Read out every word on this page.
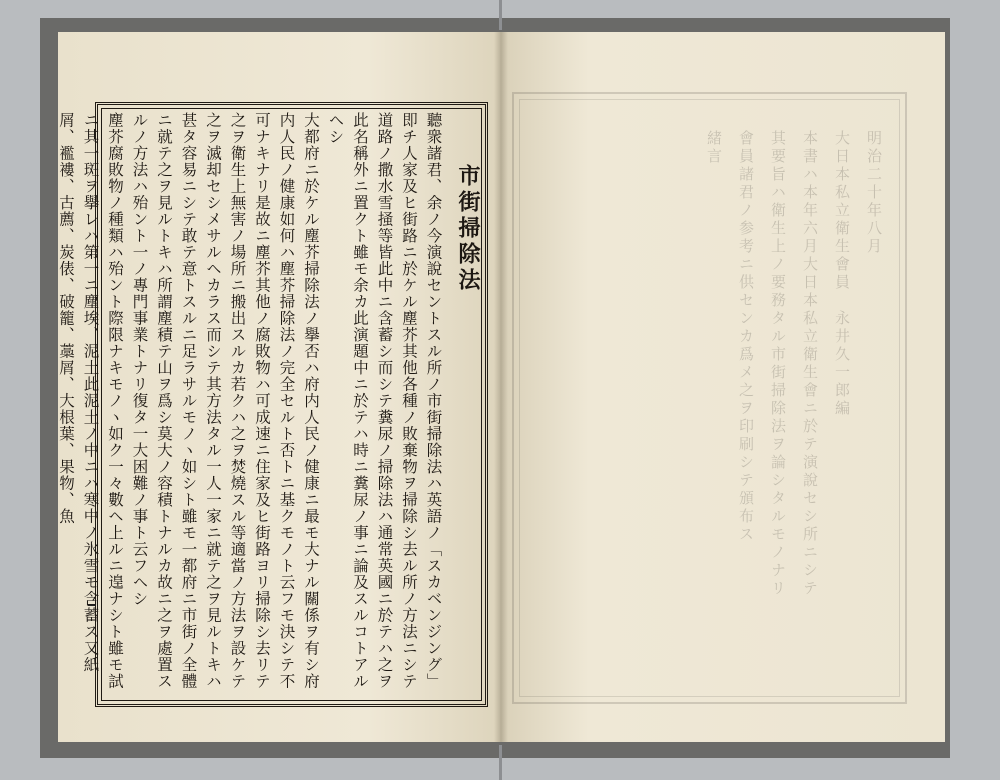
明治二十年八月

大日本私立衛生會員　永井久一郎編

本書ハ本年六月大日本私立衛生會ニ於テ演說セシ所ニシテ

其要旨ハ衛生上ノ要務タル市街掃除法ヲ論シタルモノナリ

會員諸君ノ参考ニ供センカ爲メ之ヲ印刷シテ頒布ス

緒言

市街掃除法

聽衆諸君、余ノ今演說セントスル所ノ市街掃除法ハ英語ノ「スカベンジング」即チ人家及ヒ街路ニ於ケル塵芥其他各種ノ敗棄物ヲ掃除シ去ル所ノ方法ニシテ道路ノ撒水雪掻等皆此中ニ含蓄シ而シテ糞尿ノ掃除法ハ通常英國ニ於テハ之ヲ此名稱外ニ置クト雖モ余カ此演題中ニ於テハ時ニ糞尿ノ事ニ論及スルコトアルヘシ

大都府ニ於ケル塵芥掃除法ノ擧否ハ府内人民ノ健康ニ最モ大ナル關係ヲ有シ府内人民ノ健康如何ハ塵芥掃除法ノ完全セルト否トニ基クモノト云フモ決シテ不可ナキナリ是故ニ塵芥其他ノ腐敗物ハ可成速ニ住家及ヒ街路ヨリ掃除シ去リテ之ヲ衛生上無害ノ場所ニ搬出スルカ若クハ之ヲ焚燒スル等適當ノ方法ヲ設ケテ之ヲ滅却セシメサルヘカラス而シテ其方法タル一人一家ニ就テ之ヲ見ルトキハ甚タ容易ニシテ敢テ意トスルニ足ラサルモノヽ如シト雖モ一都府ニ市街ノ全體ニ就テ之ヲ見ルトキハ所謂塵積テ山ヲ爲シ莫大ノ容積トナルカ故ニ之ヲ處置スルノ方法ハ殆ント一ノ專門事業トナリ復タ一大困難ノ事ト云フヘシ

塵芥腐敗物ノ種類ハ殆ント際限ナキモノヽ如ク一々數ヘ上ルニ遑ナシト雖モ試ニ其一斑ヲ擧レハ第一ニ塵埃、泥土此泥土ノ中ニハ寒中ノ氷雪モ含蓄ス又紙屑、襤褸、古薦、炭俵、破籠、藁屑、大根葉、果物、魚
